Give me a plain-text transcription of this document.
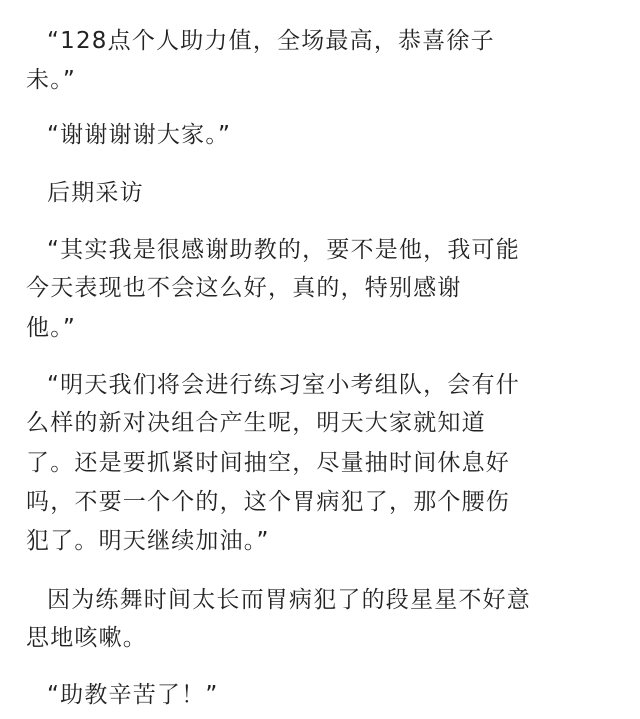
“128点个人助力值，全场最高，恭喜徐子
未。”
“谢谢谢谢大家。”
后期采访
“其实我是很感谢助教的，要不是他，我可能
今天表现也不会这么好，真的，特别感谢
他。”
“明天我们将会进行练习室小考组队，会有什
么样的新对决组合产生呢，明天大家就知道
了。还是要抓紧时间抽空，尽量抽时间休息好
吗，不要一个个的，这个胃病犯了，那个腰伤
犯了。明天继续加油。”
因为练舞时间太长而胃病犯了的段星星不好意
思地咳嗽。
“助教辛苦了！”
